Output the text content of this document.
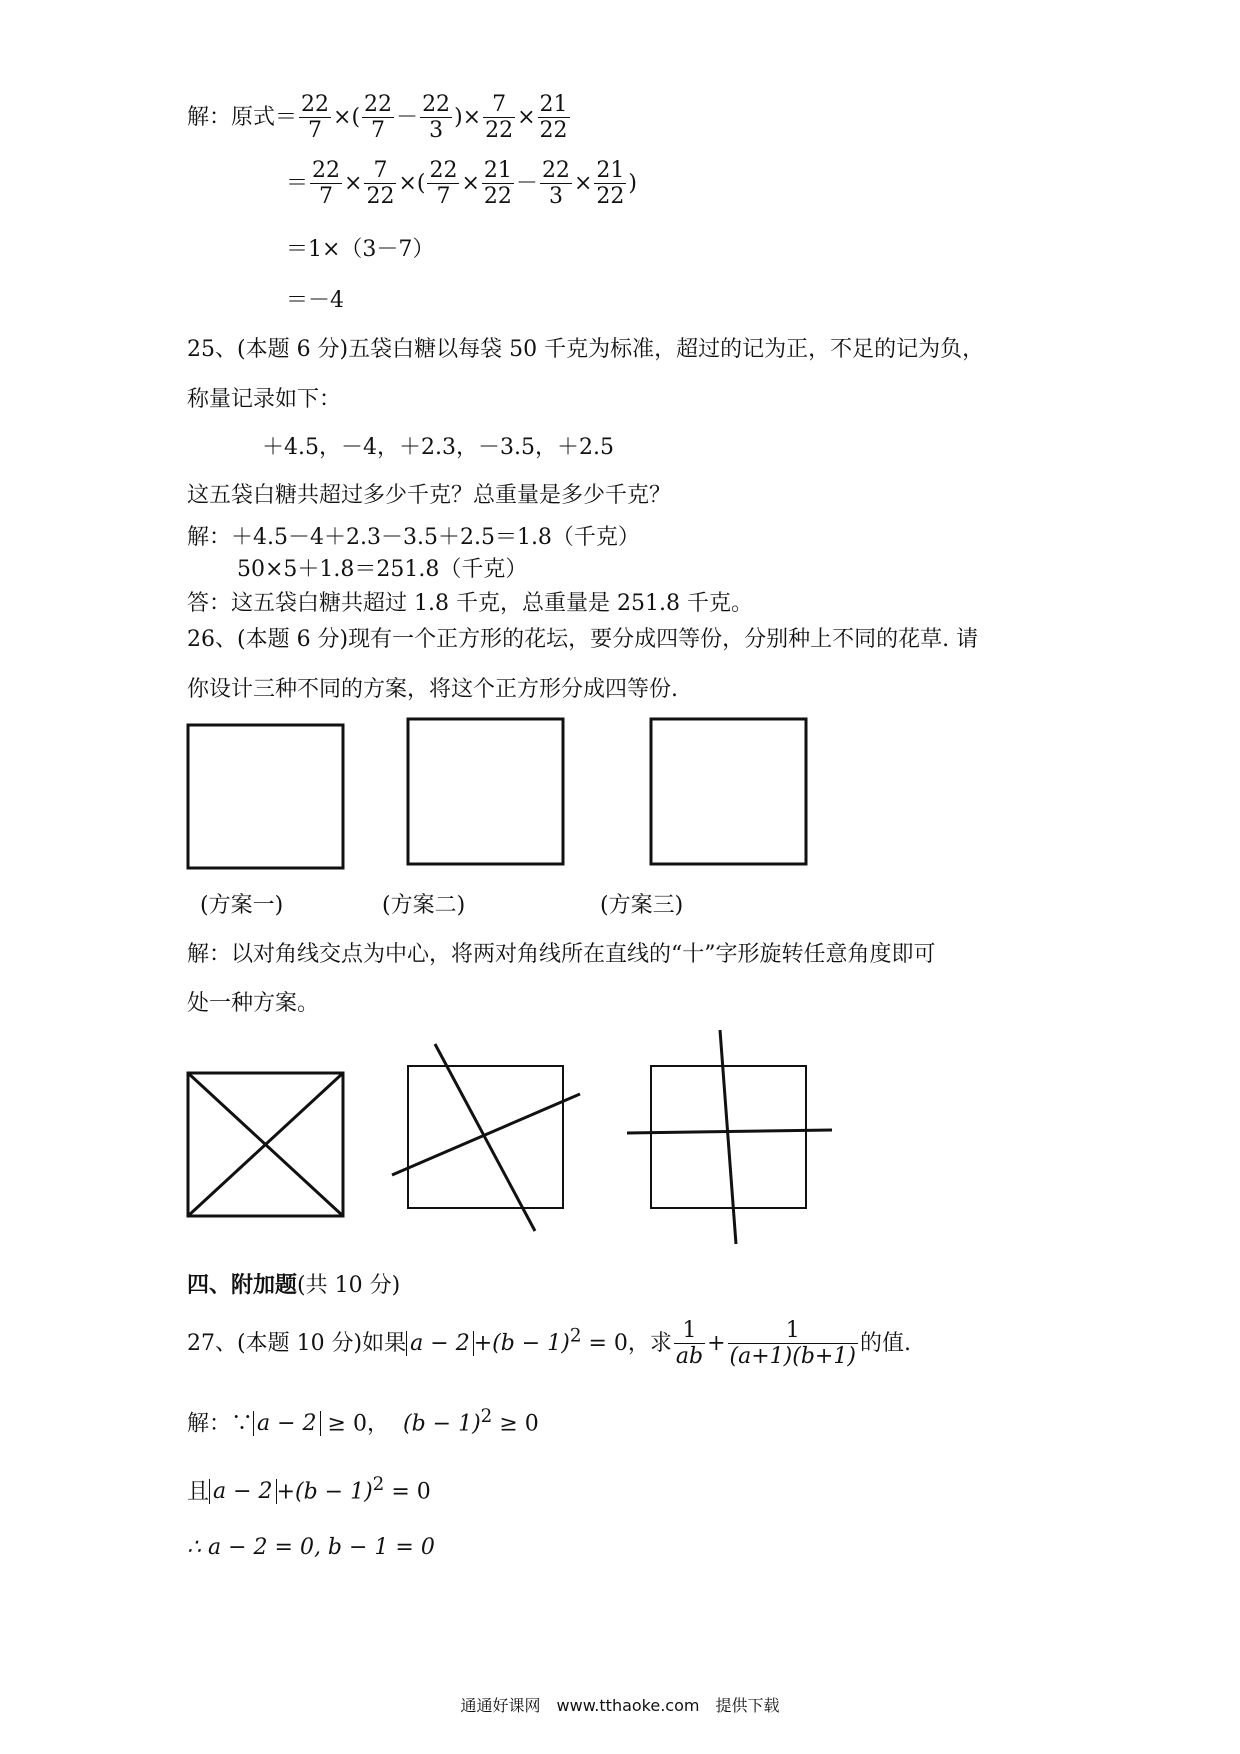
解：原式＝ $\frac{22}{7}$ ×( $\frac{22}{7} - \frac{22}{3}$ )× $\frac{7}{22} \times \frac{21}{22}$
＝ $\frac{22}{7} \times \frac{7}{22}$ ×( $\frac{22}{7} \times \frac{21}{22} - \frac{22}{3} \times \frac{21}{22}$ )
＝1×（3－7）
＝－4
25、(本题 6 分)五袋白糖以每袋 50 千克为标准，超过的记为正，不足的记为负，
称量记录如下：
＋4.5，－4，＋2.3，－3.5，＋2.5
这五袋白糖共超过多少千克？总重量是多少千克？
解：＋4.5－4＋2.3－3.5＋2.5＝1.8（千克）
50×5＋1.8＝251.8（千克）
答：这五袋白糖共超过 1.8 千克，总重量是 251.8 千克。
26、(本题 6 分)现有一个正方形的花坛，要分成四等份，分别种上不同的花草. 请
你设计三种不同的方案，将这个正方形分成四等份.
(方案一)	(方案二)	(方案三)
解：以对角线交点为中心，将两对角线所在直线的“十”字形旋转任意角度即可
处一种方案。
四、附加题(共 10 分)
27、(本题 10 分)如果 $a - 2 +(b - 1)^2 = 0$，求 $\frac{1}{ab} + \frac{1}{(a+1)(b+1)}$ 的值.
解：∵ a − 2 ≥ 0， $(b - 1)^2 \ge 0$
且 $a - 2 +(b - 1)^2 = 0$
∴ a − 2 = 0, b − 1 = 0
通通好课网　www.tthaoke.com　提供下载
